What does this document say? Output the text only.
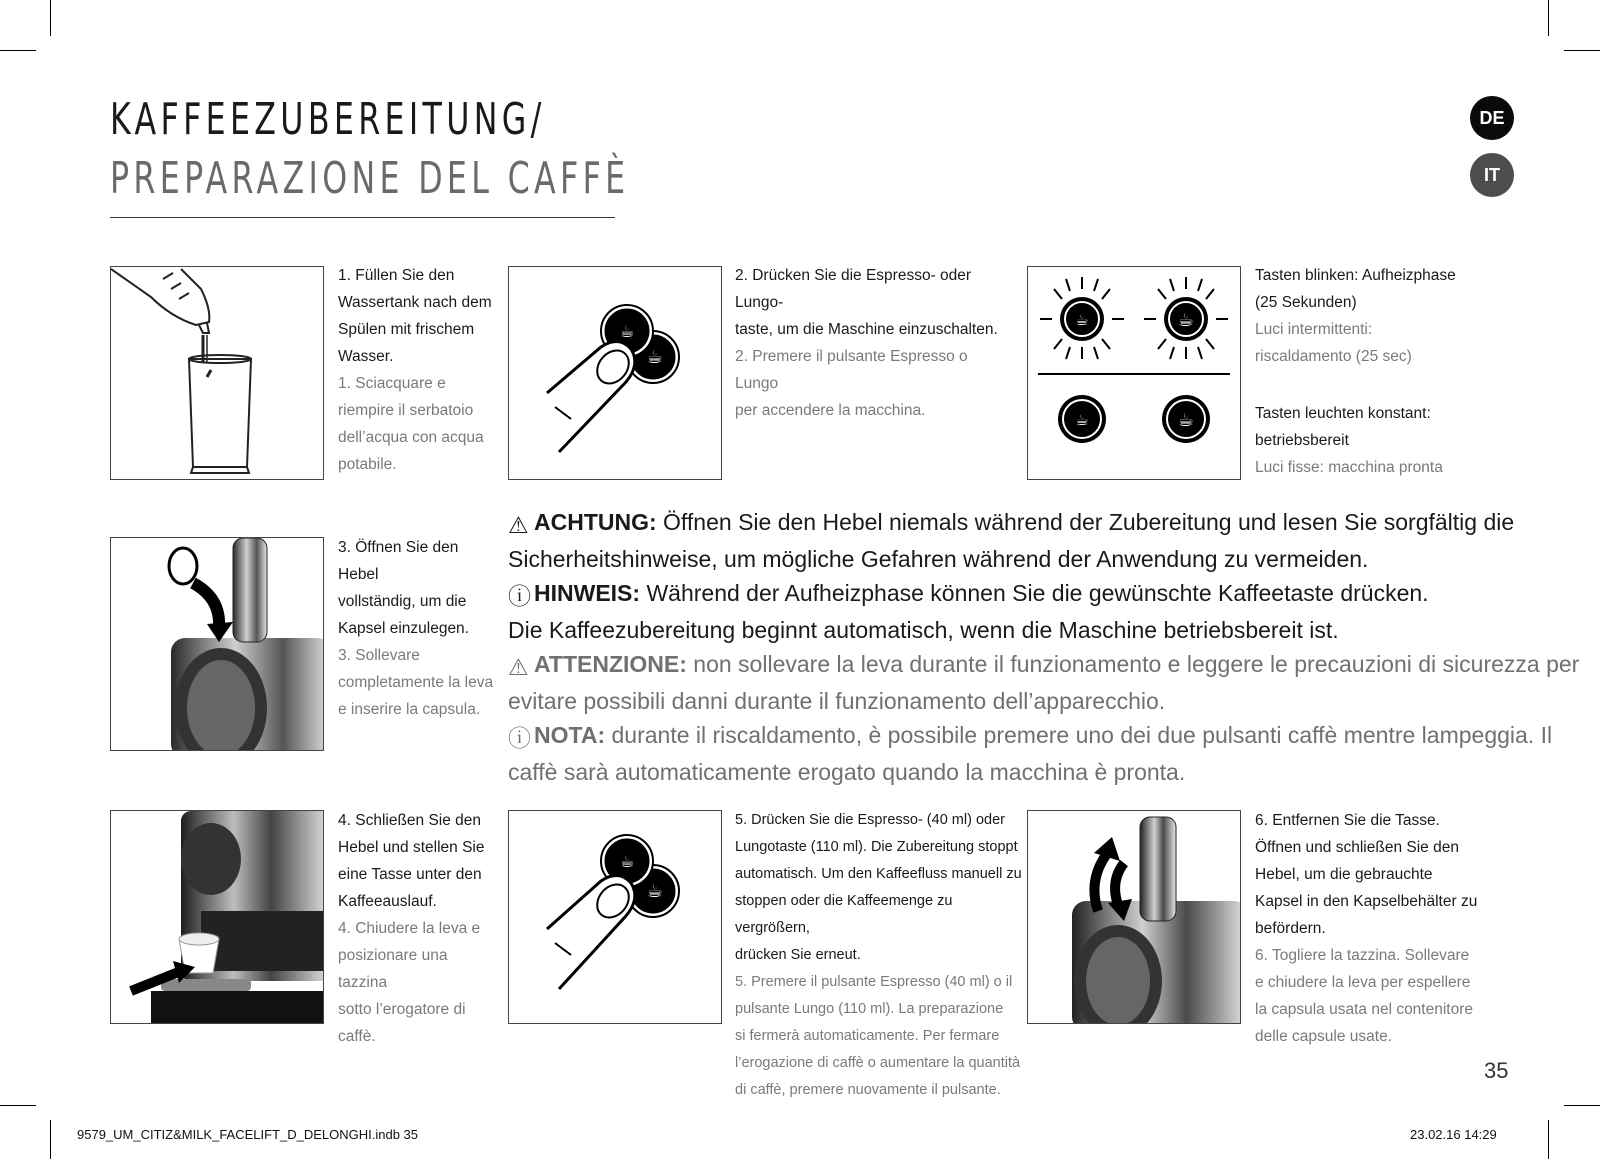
KAFFEEZUBEREITUNG/
PREPARAZIONE DEL CAFFÈ
DE
IT
1. Füllen Sie den
Wassertank nach dem
Spülen mit frischem
Wasser.
1. Sciacquare e
riempire il serbatoio
dell’acqua con acqua
potabile.
☕
☕
2. Drücken Sie die Espresso- oder Lungo-
taste, um die Maschine einzuschalten.
2. Premere il pulsante Espresso o Lungo
per accendere la macchina.
☕	☕
☕	☕
Tasten blinken: Aufheizphase
(25 Sekunden)
Luci intermittenti:
riscaldamento (25 sec)
Tasten leuchten konstant:
betriebsbereit
Luci fisse: macchina pronta
3. Öffnen Sie den Hebel
vollständig, um die
Kapsel einzulegen.
3. Sollevare
completamente la leva
e inserire la capsula.
⚠ ACHTUNG: Öffnen Sie den Hebel niemals während der Zubereitung und lesen Sie sorgfältig die
Sicherheitshinweise, um mögliche Gefahren während der Anwendung zu vermeiden.
ⓘ HINWEIS: Während der Aufheizphase können Sie die gewünschte Kaffeetaste drücken.
Die Kaffeezubereitung beginnt automatisch, wenn die Maschine betriebsbereit ist.
⚠ ATTENZIONE: non sollevare la leva durante il funzionamento e leggere le precauzioni di sicurezza per
evitare possibili danni durante il funzionamento dell’apparecchio.
ⓘ NOTA: durante il riscaldamento, è possibile premere uno dei due pulsanti caffè mentre lampeggia. Il
caffè sarà automaticamente erogato quando la macchina è pronta.
4. Schließen Sie den
Hebel und stellen Sie
eine Tasse unter den
Kaffeeauslauf.
4. Chiudere la leva e
posizionare una tazzina
sotto l’erogatore di
caffè.
☕
☕
5. Drücken Sie die Espresso- (40 ml) oder
Lungotaste (110 ml). Die Zubereitung stoppt
automatisch. Um den Kaffeefluss manuell zu
stoppen oder die Kaffeemenge zu vergrößern,
drücken Sie erneut.
5. Premere il pulsante Espresso (40 ml) o il
pulsante Lungo (110 ml). La preparazione
si fermerà automaticamente. Per fermare
l’erogazione di caffè o aumentare la quantità
di caffè, premere nuovamente il pulsante.
6. Entfernen Sie die Tasse.
Öffnen und schließen Sie den
Hebel, um die gebrauchte
Kapsel in den Kapselbehälter zu
befördern.
6. Togliere la tazzina. Sollevare
e chiudere la leva per espellere
la capsula usata nel contenitore
delle capsule usate.
35
9579_UM_CITIZ&MILK_FACELIFT_D_DELONGHI.indb 35	23.02.16 14:29
